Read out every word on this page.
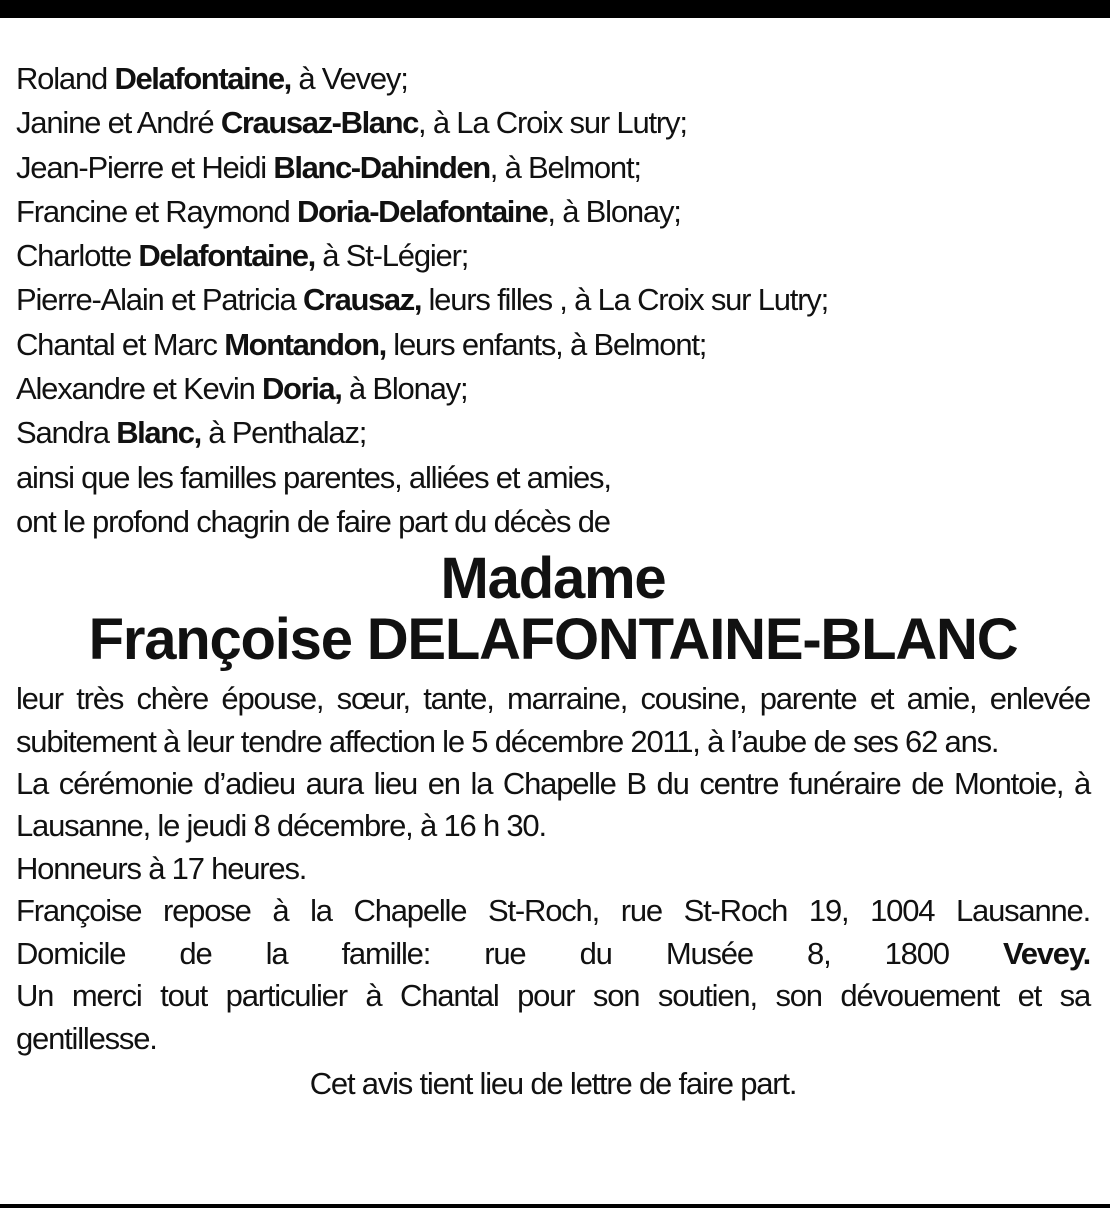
Roland Delafontaine, à Vevey;
Janine et André Crausaz-Blanc, à La Croix sur Lutry;
Jean-Pierre et Heidi Blanc-Dahinden, à Belmont;
Francine et Raymond Doria-Delafontaine, à Blonay;
Charlotte Delafontaine, à St-Légier;
Pierre-Alain et Patricia Crausaz, leurs filles , à La Croix sur Lutry;
Chantal et Marc Montandon, leurs enfants, à Belmont;
Alexandre et Kevin Doria, à Blonay;
Sandra Blanc, à Penthalaz;
ainsi que les familles parentes, alliées et amies,
ont le profond chagrin de faire part du décès de
Madame
Françoise DELAFONTAINE-BLANC
leur très chère épouse, sœur, tante, marraine, cousine, parente et amie, enlevée subitement à leur tendre affection le 5 décembre 2011, à l’aube de ses 62 ans.
La cérémonie d’adieu aura lieu en la Chapelle B du centre funéraire de Montoie, à Lausanne, le jeudi 8 décembre, à 16 h 30.
Honneurs à 17 heures.
Françoise repose à la Chapelle St-Roch, rue St-Roch 19, 1004 Lausanne.
Domicile de la famille: rue du Musée 8, 1800 Vevey.
Un merci tout particulier à Chantal pour son soutien, son dévouement et sa gentillesse.
Cet avis tient lieu de lettre de faire part.
